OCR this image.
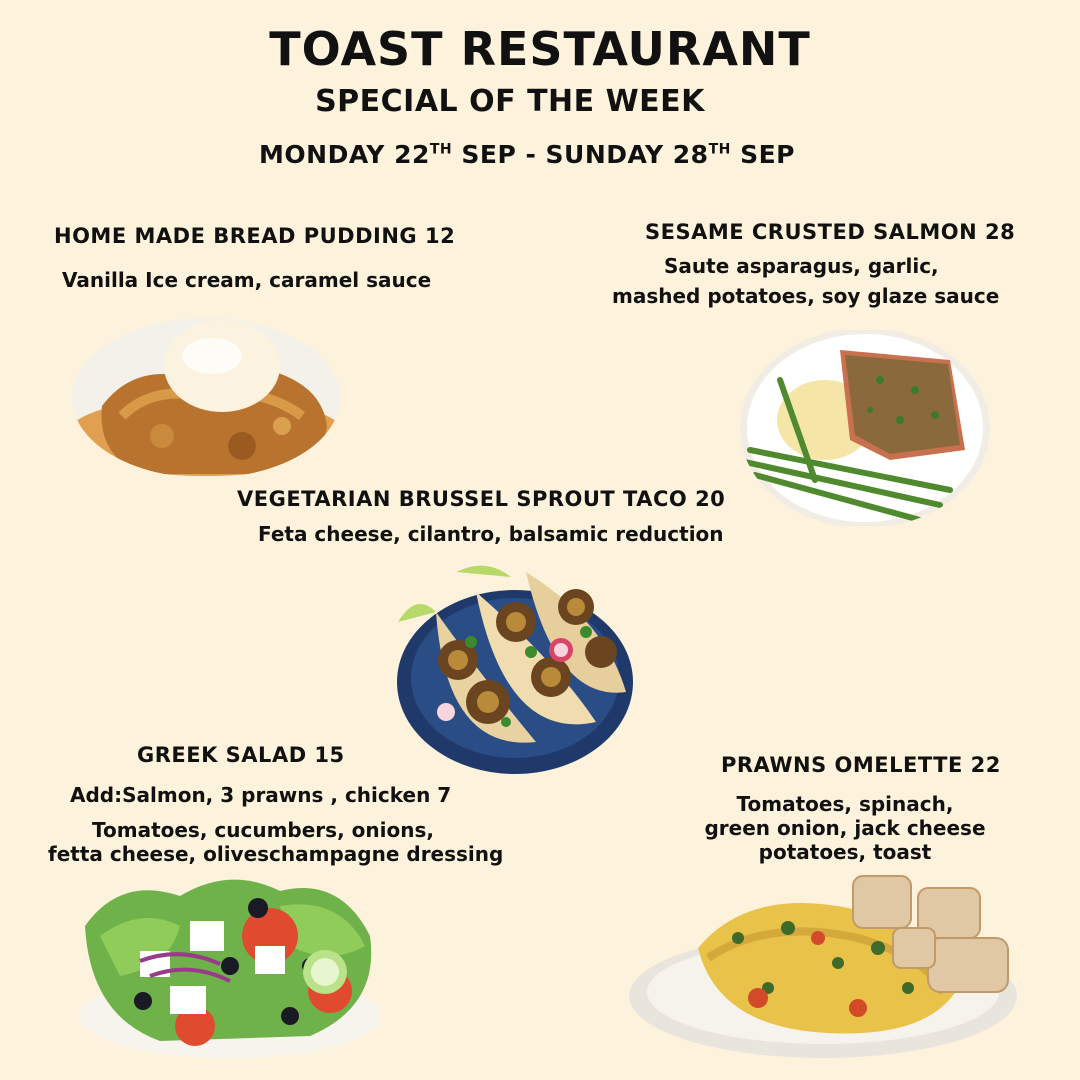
TOAST RESTAURANT
SPECIAL OF THE WEEK
MONDAY 22TH SEP - SUNDAY 28TH SEP
HOME MADE BREAD PUDDING 12
Vanilla Ice cream, caramel sauce
SESAME CRUSTED SALMON 28
Saute asparagus, garlic,
mashed potatoes, soy glaze sauce
VEGETARIAN BRUSSEL SPROUT TACO 20
Feta cheese, cilantro, balsamic reduction
GREEK SALAD 15
Add:Salmon, 3 prawns , chicken 7
Tomatoes, cucumbers, onions,
fetta cheese, oliveschampagne dressing
PRAWNS OMELETTE 22
Tomatoes, spinach,
green onion, jack cheese
potatoes, toast
